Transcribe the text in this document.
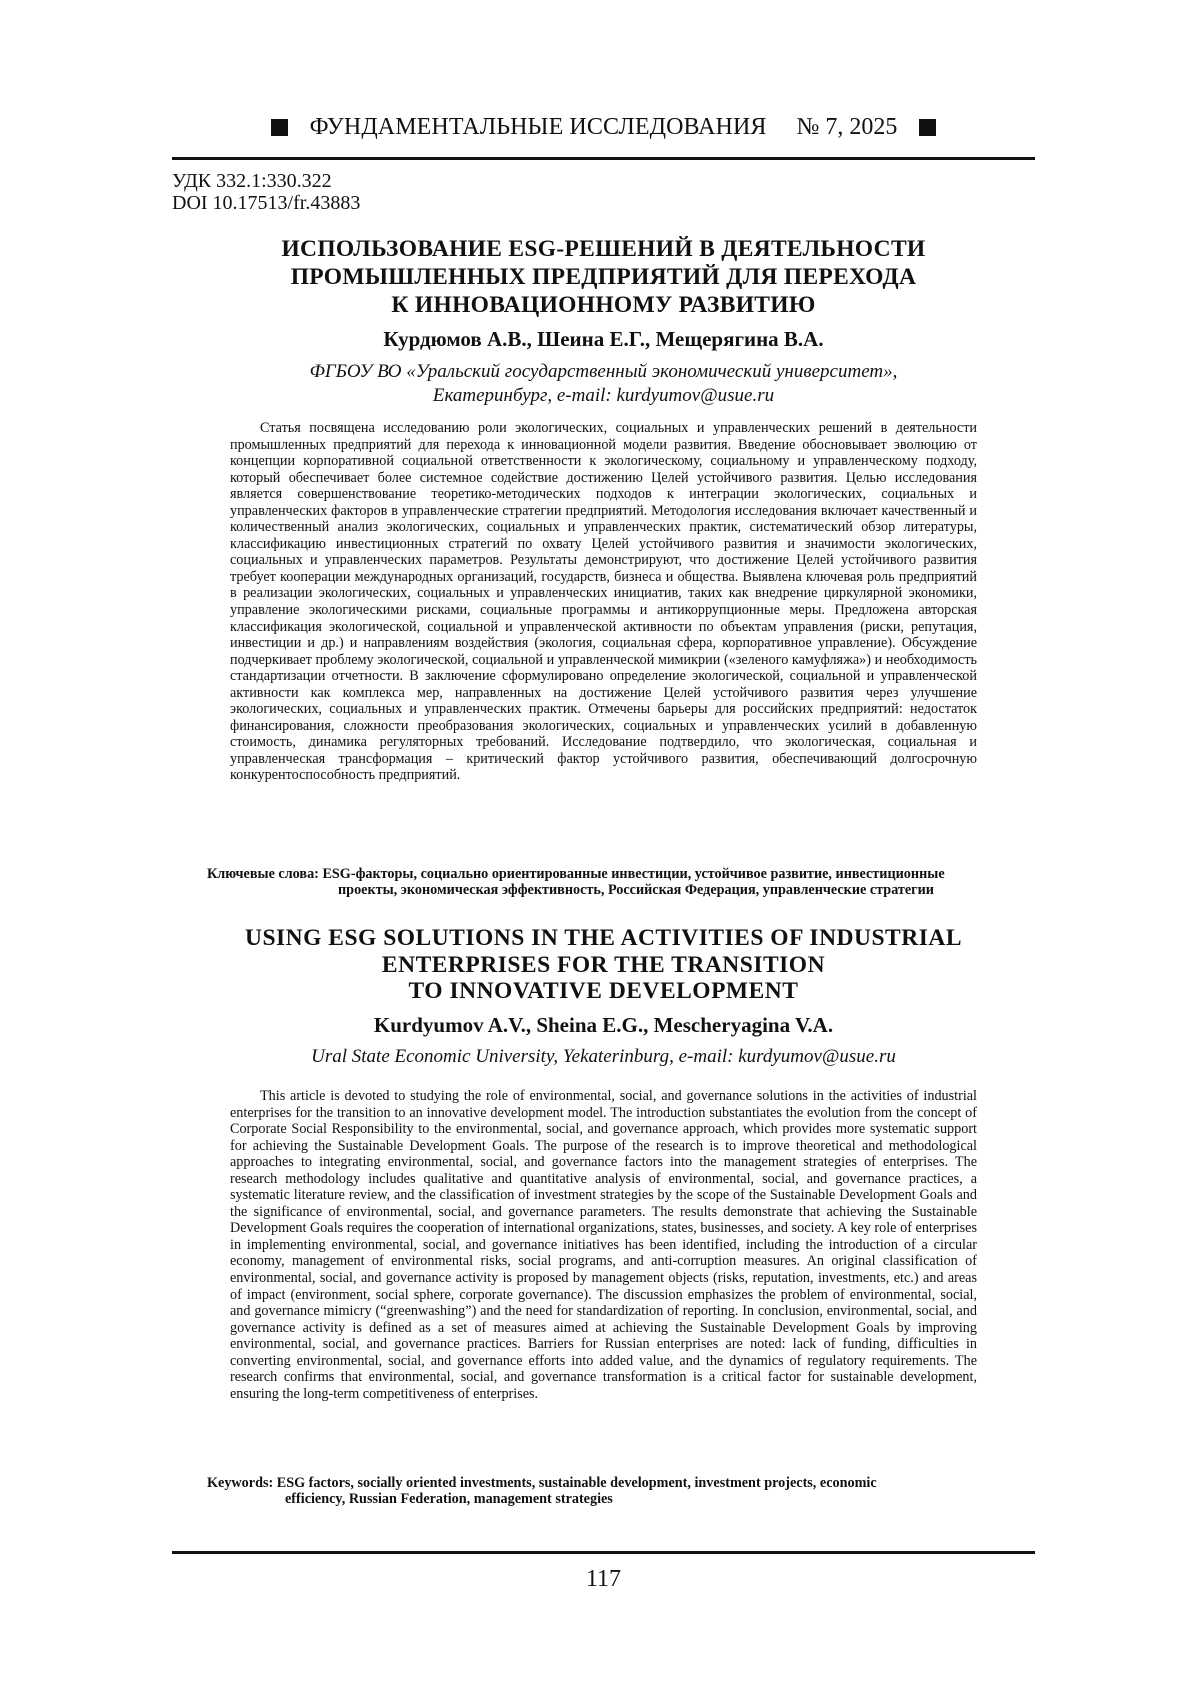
ФУНДАМЕНТАЛЬНЫЕ ИССЛЕДОВАНИЯ № 7, 2025
УДК 332.1:330.322
DOI 10.17513/fr.43883
ИСПОЛЬЗОВАНИЕ ESG-РЕШЕНИЙ В ДЕЯТЕЛЬНОСТИ
ПРОМЫШЛЕННЫХ ПРЕДПРИЯТИЙ ДЛЯ ПЕРЕХОДА
К ИННОВАЦИОННОМУ РАЗВИТИЮ
Курдюмов А.В., Шеина Е.Г., Мещерягина В.А.
ФГБОУ ВО «Уральский государственный экономический университет»,
Екатеринбург, e-mail: kurdyumov@usue.ru
Статья посвящена исследованию роли экологических, социальных и управленческих решений в деятельности промышленных предприятий для перехода к инновационной модели развития. Введение обосновывает эволюцию от концепции корпоративной социальной ответственности к экологическому, социальному и управленческому подходу, который обеспечивает более системное содействие достижению Целей устойчивого развития. Целью исследования является совершенствование теоретико-методических подходов к интеграции экологических, социальных и управленческих факторов в управленческие стратегии предприятий. Методология исследования включает качественный и количественный анализ экологических, социальных и управленческих практик, систематический обзор литературы, классификацию инвестиционных стратегий по охвату Целей устойчивого развития и значимости экологических, социальных и управленческих параметров. Результаты демонстрируют, что достижение Целей устойчивого развития требует кооперации международных организаций, государств, бизнеса и общества. Выявлена ключевая роль предприятий в реализации экологических, социальных и управленческих инициатив, таких как внедрение циркулярной экономики, управление экологическими рисками, социальные программы и антикоррупционные меры. Предложена авторская классификация экологической, социальной и управленческой активности по объектам управления (риски, репутация, инвестиции и др.) и направлениям воздействия (экология, социальная сфера, корпоративное управление). Обсуждение подчеркивает проблему экологической, социальной и управленческой мимикрии («зеленого камуфляжа») и необходимость стандартизации отчетности. В заключение сформулировано определение экологической, социальной и управленческой активности как комплекса мер, направленных на достижение Целей устойчивого развития через улучшение экологических, социальных и управленческих практик. Отмечены барьеры для российских предприятий: недостаток финансирования, сложности преобразования экологических, социальных и управленческих усилий в добавленную стоимость, динамика регуляторных требований. Исследование подтвердило, что экологическая, социальная и управленческая трансформация – критический фактор устойчивого развития, обеспечивающий долгосрочную конкурентоспособность предприятий.
Ключевые слова: ESG-факторы, социально ориентированные инвестиции, устойчивое развитие, инвестиционные
проекты, экономическая эффективность, Российская Федерация, управленческие стратегии
USING ESG SOLUTIONS IN THE ACTIVITIES OF INDUSTRIAL
ENTERPRISES FOR THE TRANSITION
TO INNOVATIVE DEVELOPMENT
Kurdyumov A.V., Sheina E.G., Mescheryagina V.A.
Ural State Economic University, Yekaterinburg, e-mail: kurdyumov@usue.ru
This article is devoted to studying the role of environmental, social, and governance solutions in the activities of industrial enterprises for the transition to an innovative development model. The introduction substantiates the evolution from the concept of Corporate Social Responsibility to the environmental, social, and governance approach, which provides more systematic support for achieving the Sustainable Development Goals. The purpose of the research is to improve theoretical and methodological approaches to integrating environmental, social, and governance factors into the management strategies of enterprises. The research methodology includes qualitative and quantitative analysis of environmental, social, and governance practices, a systematic literature review, and the classification of investment strategies by the scope of the Sustainable Development Goals and the significance of environmental, social, and governance parameters. The results demonstrate that achieving the Sustainable Development Goals requires the cooperation of international organizations, states, businesses, and society. A key role of enterprises in implementing environmental, social, and governance initiatives has been identified, including the introduction of a circular economy, management of environmental risks, social programs, and anti-corruption measures. An original classification of environmental, social, and governance activity is proposed by management objects (risks, reputation, investments, etc.) and areas of impact (environment, social sphere, corporate governance). The discussion emphasizes the problem of environmental, social, and governance mimicry (“greenwashing”) and the need for standardization of reporting. In conclusion, environmental, social, and governance activity is defined as a set of measures aimed at achieving the Sustainable Development Goals by improving environmental, social, and governance practices. Barriers for Russian enterprises are noted: lack of funding, difficulties in converting environmental, social, and governance efforts into added value, and the dynamics of regulatory requirements. The research confirms that environmental, social, and governance transformation is a critical factor for sustainable development, ensuring the long-term competitiveness of enterprises.
Keywords: ESG factors, socially oriented investments, sustainable development, investment projects, economic
efficiency, Russian Federation, management strategies
117
